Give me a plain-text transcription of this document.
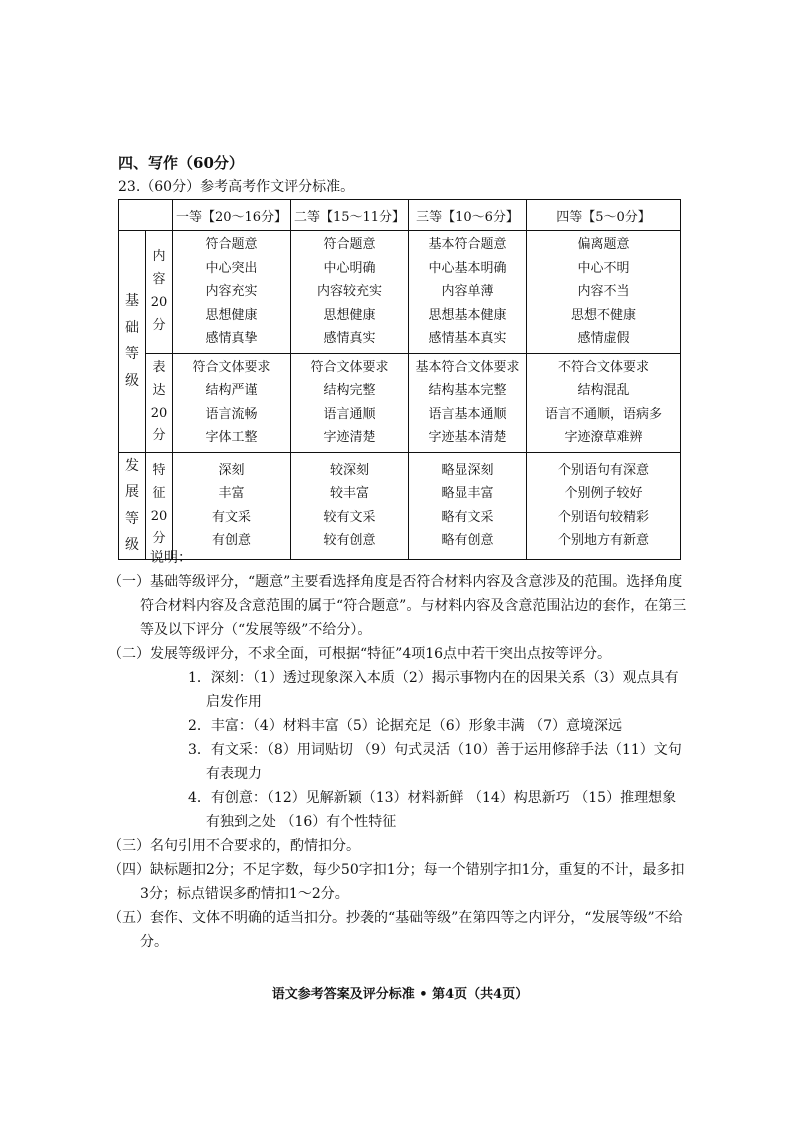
四、写作（60分）
23.（60分）参考高考作文评分标准。
		一等【20～16分】	二等【15～11分】	三等【10～6分】	四等【5～0分】
基
础
等
级	内
容
20
分	符合题意
中心突出
内容充实
思想健康
感情真挚	符合题意
中心明确
内容较充实
思想健康
感情真实	基本符合题意
中心基本明确
内容单薄
思想基本健康
感情基本真实	偏离题意
中心不明
内容不当
思想不健康
感情虚假

	表
达
20
分	符合文体要求
结构严谨
语言流畅
字体工整	符合文体要求
结构完整
语言通顺
字迹清楚	基本符合文体要求
结构基本完整
语言基本通顺
字迹基本清楚	不符合文体要求
结构混乱
语言不通顺，语病多
字迹潦草难辨

发
展
等
级	特
征
20
分	深刻
丰富
有文采
有创意	较深刻
较丰富
较有文采
较有创意	略显深刻
略显丰富
略有文采
略有创意	个别语句有深意
个别例子较好
个别语句较精彩
个别地方有新意
说明：
（一）基础等级评分，“题意”主要看选择角度是否符合材料内容及含意涉及的范围。选择角度符合材料内容及含意范围的属于“符合题意”。与材料内容及含意范围沾边的套作，在第三等及以下评分（“发展等级”不给分）。
（二）发展等级评分，不求全面，可根据“特征”4项16点中若干突出点按等评分。
1．深刻：（1）透过现象深入本质（2）揭示事物内在的因果关系（3）观点具有启发作用
2．丰富：（4）材料丰富（5）论据充足（6）形象丰满 （7）意境深远
3．有文采：（8）用词贴切 （9）句式灵活（10）善于运用修辞手法（11）文句有表现力
4．有创意：（12）见解新颖（13）材料新鲜 （14）构思新巧 （15）推理想象有独到之处 （16）有个性特征
（三）名句引用不合要求的，酌情扣分。
（四）缺标题扣2分；不足字数，每少50字扣1分；每一个错别字扣1分，重复的不计，最多扣3分；标点错误多酌情扣1～2分。
（五）套作、文体不明确的适当扣分。抄袭的“基础等级”在第四等之内评分，“发展等级”不给分。
语文参考答案及评分标准 • 第4页（共4页）
